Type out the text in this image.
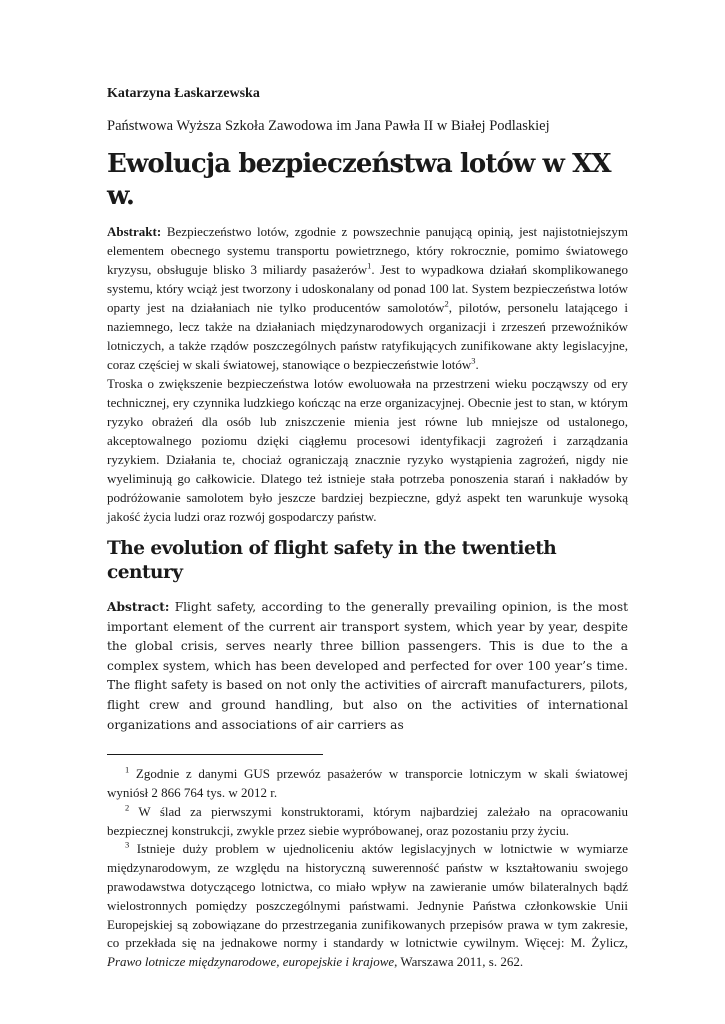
Katarzyna Łaskarzewska

Państwowa Wyższa Szkoła Zawodowa im Jana Pawła II w Białej Podlaskiej

Ewolucja bezpieczeństwa lotów w XX w.

Abstrakt: Bezpieczeństwo lotów, zgodnie z powszechnie panującą opinią, jest najistotniejszym elementem obecnego systemu transportu powietrznego, który rokrocznie, pomimo światowego kryzysu, obsługuje blisko 3 miliardy pasażerów$^1$. Jest to wypadkowa działań skomplikowanego systemu, który wciąż jest tworzony i udoskonalany od ponad 100 lat. System bezpieczeństwa lotów oparty jest na działaniach nie tylko producentów samolotów$^2$, pilotów, personelu latającego i naziemnego, lecz także na działaniach międzynarodowych organizacji i zrzeszeń przewoźników lotniczych, a także rządów poszczególnych państw ratyfikujących zunifikowane akty legislacyjne, coraz częściej w skali światowej, stanowiące o bezpieczeństwie lotów$^3$.

Troska o zwiększenie bezpieczeństwa lotów ewoluowała na przestrzeni wieku począwszy od ery technicznej, ery czynnika ludzkiego kończąc na erze organizacyjnej. Obecnie jest to stan, w którym ryzyko obrażeń dla osób lub zniszczenie mienia jest równe lub mniejsze od ustalonego, akceptowalnego poziomu dzięki ciągłemu procesowi identyfikacji zagrożeń i zarządzania ryzykiem. Działania te, chociaż ograniczają znacznie ryzyko wystąpienia zagrożeń, nigdy nie wyeliminują go całkowicie. Dlatego też istnieje stała potrzeba ponoszenia starań i nakładów by podróżowanie samolotem było jeszcze bardziej bezpieczne, gdyż aspekt ten warunkuje wysoką jakość życia ludzi oraz rozwój gospodarczy państw.

The evolution of flight safety in the twentieth century

Abstract: Flight safety, according to the generally prevailing opinion, is the most important element of the current air transport system, which year by year, despite the global crisis, serves nearly three billion passengers. This is due to the a complex system, which has been developed and perfected for over 100 year’s time. The flight safety is based on not only the activities of aircraft manufacturers, pilots, flight crew and ground handling, but also on the activities of international organizations and associations of air carriers as

$^1$ Zgodnie z danymi GUS przewóz pasażerów w transporcie lotniczym w skali światowej wyniósł 2 866 764 tys. w 2012 r.

$^2$ W ślad za pierwszymi konstruktorami, którym najbardziej zależało na opracowaniu bezpiecznej konstrukcji, zwykle przez siebie wypróbowanej, oraz pozostaniu przy życiu.

$^3$ Istnieje duży problem w ujednoliceniu aktów legislacyjnych w lotnictwie w wymiarze międzynarodowym, ze względu na historyczną suwerenność państw w kształtowaniu swojego prawodawstwa dotyczącego lotnictwa, co miało wpływ na zawieranie umów bilateralnych bądź wielostronnych pomiędzy poszczególnymi państwami. Jednynie Państwa członkowskie Unii Europejskiej są zobowiązane do przestrzegania zunifikowanych przepisów prawa w tym zakresie, co przekłada się na jednakowe normy i standardy w lotnictwie cywilnym. Więcej: M. Żylicz, Prawo lotnicze międzynarodowe, europejskie i krajowe, Warszawa 2011, s. 262.
